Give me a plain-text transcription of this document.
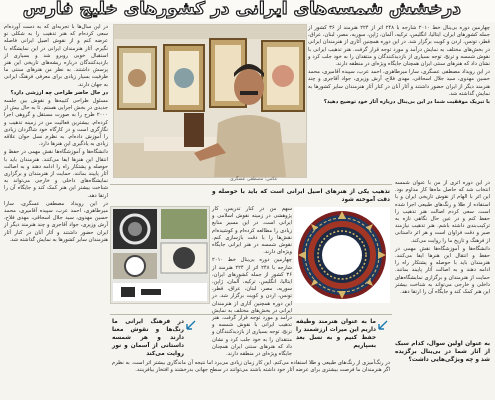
درخشش شمسه‌های ایرانی در کشورهای خلیج فارس

چهارمین دوره بی‌ینال خط ۲۰۱۰ شارجه با ۲۴۸ اثر از ۲۲۴ هنرمند از ۳۶ کشور از جمله کشورهای ایران، ایتالیا، انگلیس، ترکیه، آلمان، ژاپن، سوریه، مصر، لبنان، عراق، قطر، تونس، اردن و کویت برگزار شد. در این دوره همچنین آثاری از هنرمندان ایرانی در بخش‌های مختلف به نمایش درآمد و مورد توجه قرار گرفت. هنر تذهیب ایرانی با نقوش شمسه و ترنج، توجه بسیاری از بازدیدکنندگان و منتقدان را به خود جلب کرد و نشان داد که هنرهای سنتی ایران همچنان جایگاه ویژه‌ای در منطقه دارند.

در این رویداد مصطفی عسگری، سارا میرطاهری، احمد عرب، سپیده آقامیری، محمد حسین مهدوی، سید جلال اسحاقی، مهدی فلاح، آرش وزیری، جواد آقاجری و چند هنرمند دیگر از ایران حضور داشتند و آثار آنان در کنار آثار هنرمندان سایر کشورها به نمایش گذاشته شد.

با تبریک موفقیت شما در این بی‌ینال درباره آثار خود توضیح دهید؟

در این دوره اثری از من با عنوان شمسه انتخاب شد که حاصل ماه‌ها کار مداوم بود. این اثر با الهام از نقوش تاریخی ایران و با استفاده از طلا و رنگ‌های طبیعی اجرا شده است. سعی کردم اصالت هنر تذهیب را حفظ کنم و در عین حال نگاهی تازه به ترکیب‌بندی داشته باشم. هنر تذهیب نیازمند صبر و دقت فراوان است و هر اثر داستانی از فرهنگ و تاریخ ما را روایت می‌کند.

دانشگاه‌ها و آموزشگاه‌ها نقش مهمی در حفظ و انتقال این هنرها ایفا می‌کنند. هنرمندان باید با حوصله و پشتکار راه را ادامه دهند و به اصالت آثار پایبند بمانند. حمایت از هنرمندان و برگزاری نمایشگاه‌های داخلی و خارجی می‌تواند به شناخت بیشتر این هنر کمک کند و جایگاه آن را ارتقا دهد.

در این سال‌ها با تجربه‌ای که به دست آورده‌ام سعی کرده‌ام که هنر تذهیب را به شکلی نو عرضه کنم و از نقوش اصیل ایرانی فاصله نگیرم. آثار هنرمندان ایرانی در این نمایشگاه با استقبال خوبی روبرو شد و بسیاری از بازدیدکنندگان درباره ریشه‌های تاریخی این هنر پرسش داشتند. به نظر من هنرهای سنتی ما ظرفیت بسیار زیادی برای معرفی فرهنگ ایرانی به جهان دارند.

در حال حاضر طراحی چه ارزشی دارد؟

مسئول طراحی کتیبه‌ها و نقوش بین جلسه جدیدی در بخش اجرایی هستم. تا به حال بیش از ۲۰۰۰ طرح را به صورت مستقل و گروهی اجرا کرده‌ام. بیشترین فعالیت من در زمینه تذهیب و نگارگری است و در کارگاه خود شاگردان زیادی را آموزش داده‌ام. به نظرم نسل جوان علاقه زیادی به یادگیری این هنرها دارد.

دانشگاه‌ها و آموزشگاه‌ها نقش مهمی در حفظ و انتقال این هنرها ایفا می‌کنند. هنرمندان باید با حوصله و پشتکار راه را ادامه دهند و به اصالت آثار پایبند بمانند. حمایت از هنرمندان و برگزاری نمایشگاه‌های داخلی و خارجی می‌تواند به شناخت بیشتر این هنر کمک کند و جایگاه آن را ارتقا دهد.

در این رویداد مصطفی عسگری، سارا میرطاهری، احمد عرب، سپیده آقامیری، محمد حسین مهدوی، سید جلال اسحاقی، مهدی فلاح، آرش وزیری، جواد آقاجری و چند هنرمند دیگر از ایران حضور داشتند و آثار آنان در کنار آثار هنرمندان سایر کشورها به نمایش گذاشته شد.

عکس: مصطفی عسگری
تذهیب یکی از هنرهای اصیل ایرانی است که باید با حوصله و دقت آموخته شود

سهم من در کنار تدریس، کار پژوهشی در زمینه نقوش اسلامی و ایرانی است. در این مسیر منابع زیادی را مطالعه کرده‌ام و کوشیده‌ام نقش‌ها را با دقت بازسازی کنم. نقوش شمسه در هنر ایرانی جایگاه ویژه‌ای دارند.

چهارمین دوره بی‌ینال خط ۲۰۱۰ شارجه با ۲۴۸ اثر از ۲۲۴ هنرمند از ۳۶ کشور از جمله کشورهای ایران، ایتالیا، انگلیس، ترکیه، آلمان، ژاپن، سوریه، مصر، لبنان، عراق، قطر، تونس، اردن و کویت برگزار شد. در این دوره همچنین آثاری از هنرمندان ایرانی در بخش‌های مختلف به نمایش درآمد و مورد توجه قرار گرفت. هنر تذهیب ایرانی با نقوش شمسه و ترنج، توجه بسیاری از بازدیدکنندگان و منتقدان را به خود جلب کرد و نشان داد که هنرهای سنتی ایران همچنان جایگاه ویژه‌ای در منطقه دارند.

به عنوان اولین سوال، کدام سبک از آثار شما در بی‌ینال برگزیده شد و چه ویژگی‌هایی داشت؟
در فرهنگ ایرانی ما رنگ‌ها و نقوش معنا دارند و هر شمسه داستانی از آسمان و نور روایت می‌کند
ما به عنوان هنرمند وظیفه داریم این میراث ارزشمند را حفظ کنیم و به نسل بعد بسپاریم

در رنگ‌آمیزی از رنگ‌های طبیعی و طلا استفاده می‌کنم. این کار زمان زیادی می‌برد اما نتیجه آن ماندگاری بیشتر اثر است. به نظرم اگر هنرمندان ما فرصت بیشتری برای عرضه آثار خود داشته باشند می‌توانند در سطح جهانی بدرخشند و افتخار بیافرینند.
